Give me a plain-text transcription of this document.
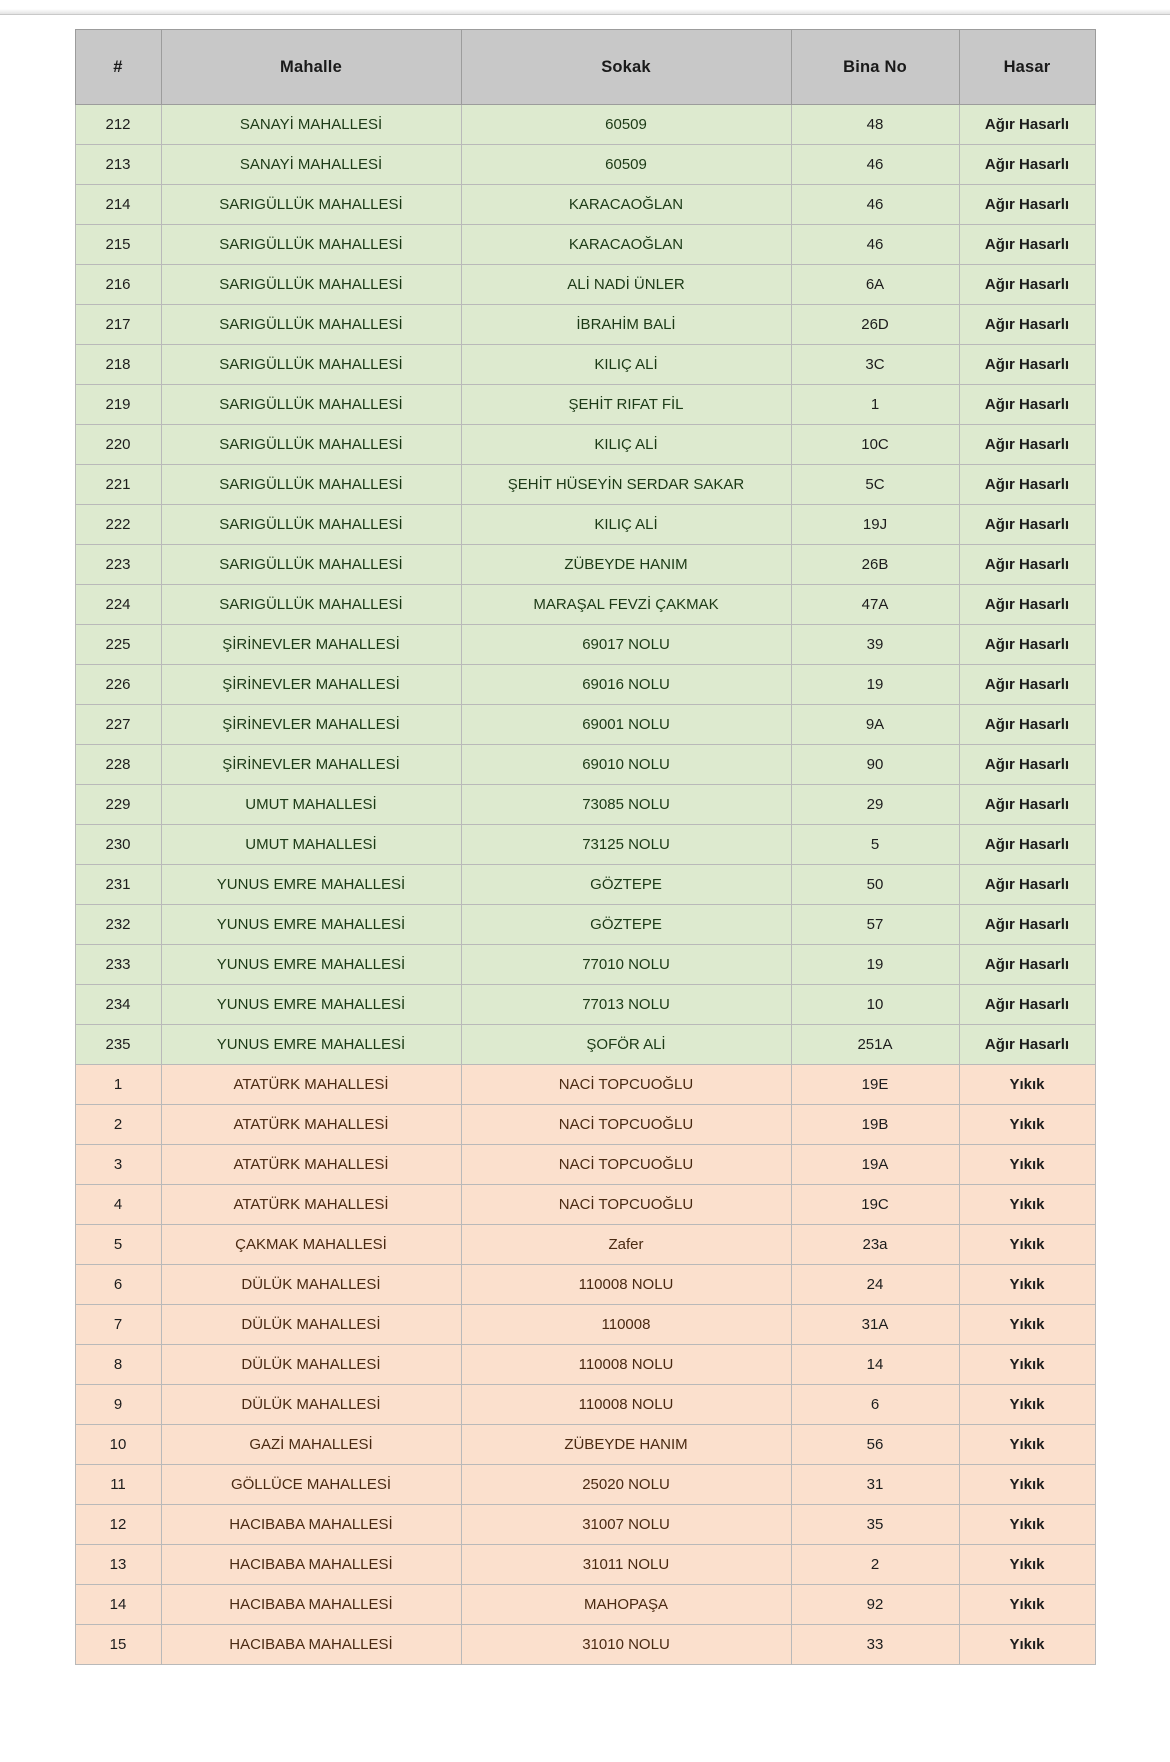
#	Mahalle	Sokak	Bina No	Hasar
212	SANAYİ MAHALLESİ	60509	48	Ağır Hasarlı
213	SANAYİ MAHALLESİ	60509	46	Ağır Hasarlı
214	SARIGÜLLÜK MAHALLESİ	KARACAOĞLAN	46	Ağır Hasarlı
215	SARIGÜLLÜK MAHALLESİ	KARACAOĞLAN	46	Ağır Hasarlı
216	SARIGÜLLÜK MAHALLESİ	ALİ NADİ ÜNLER	6A	Ağır Hasarlı
217	SARIGÜLLÜK MAHALLESİ	İBRAHİM BALİ	26D	Ağır Hasarlı
218	SARIGÜLLÜK MAHALLESİ	KILIÇ ALİ	3C	Ağır Hasarlı
219	SARIGÜLLÜK MAHALLESİ	ŞEHİT RIFAT FİL	1	Ağır Hasarlı
220	SARIGÜLLÜK MAHALLESİ	KILIÇ ALİ	10C	Ağır Hasarlı
221	SARIGÜLLÜK MAHALLESİ	ŞEHİT HÜSEYİN SERDAR SAKAR	5C	Ağır Hasarlı
222	SARIGÜLLÜK MAHALLESİ	KILIÇ ALİ	19J	Ağır Hasarlı
223	SARIGÜLLÜK MAHALLESİ	ZÜBEYDE HANIM	26B	Ağır Hasarlı
224	SARIGÜLLÜK MAHALLESİ	MARAŞAL FEVZİ ÇAKMAK	47A	Ağır Hasarlı
225	ŞİRİNEVLER MAHALLESİ	69017 NOLU	39	Ağır Hasarlı
226	ŞİRİNEVLER MAHALLESİ	69016 NOLU	19	Ağır Hasarlı
227	ŞİRİNEVLER MAHALLESİ	69001 NOLU	9A	Ağır Hasarlı
228	ŞİRİNEVLER MAHALLESİ	69010 NOLU	90	Ağır Hasarlı
229	UMUT MAHALLESİ	73085 NOLU	29	Ağır Hasarlı
230	UMUT MAHALLESİ	73125 NOLU	5	Ağır Hasarlı
231	YUNUS EMRE MAHALLESİ	GÖZTEPE	50	Ağır Hasarlı
232	YUNUS EMRE MAHALLESİ	GÖZTEPE	57	Ağır Hasarlı
233	YUNUS EMRE MAHALLESİ	77010 NOLU	19	Ağır Hasarlı
234	YUNUS EMRE MAHALLESİ	77013 NOLU	10	Ağır Hasarlı
235	YUNUS EMRE MAHALLESİ	ŞOFÖR ALİ	251A	Ağır Hasarlı
1	ATATÜRK MAHALLESİ	NACİ TOPCUOĞLU	19E	Yıkık
2	ATATÜRK MAHALLESİ	NACİ TOPCUOĞLU	19B	Yıkık
3	ATATÜRK MAHALLESİ	NACİ TOPCUOĞLU	19A	Yıkık
4	ATATÜRK MAHALLESİ	NACİ TOPCUOĞLU	19C	Yıkık
5	ÇAKMAK MAHALLESİ	Zafer	23a	Yıkık
6	DÜLÜK MAHALLESİ	110008 NOLU	24	Yıkık
7	DÜLÜK MAHALLESİ	110008	31A	Yıkık
8	DÜLÜK MAHALLESİ	110008 NOLU	14	Yıkık
9	DÜLÜK MAHALLESİ	110008 NOLU	6	Yıkık
10	GAZİ MAHALLESİ	ZÜBEYDE HANIM	56	Yıkık
11	GÖLLÜCE MAHALLESİ	25020 NOLU	31	Yıkık
12	HACIBABA MAHALLESİ	31007 NOLU	35	Yıkık
13	HACIBABA MAHALLESİ	31011 NOLU	2	Yıkık
14	HACIBABA MAHALLESİ	MAHOPAŞA	92	Yıkık
15	HACIBABA MAHALLESİ	31010 NOLU	33	Yıkık
